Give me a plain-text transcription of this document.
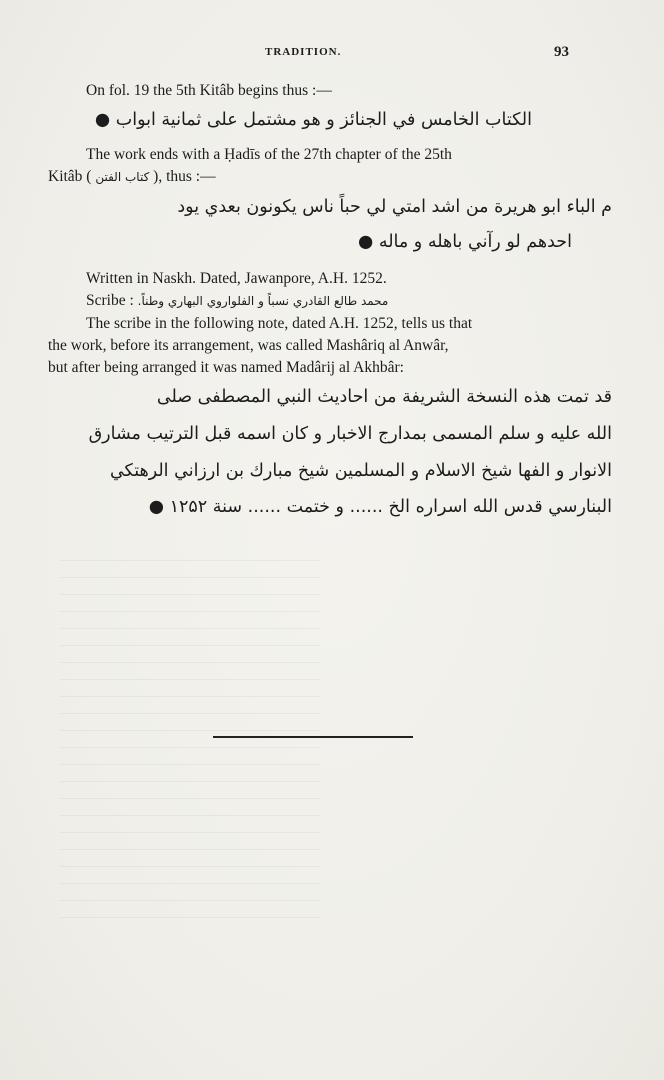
TRADITION.	93
On fol. 19 the 5th Kitâb begins thus :—
الكتاب الخامس في الجنائز و هو مشتمل على ثمانية ابواب ●
The work ends with a Ḥadīs of the 27th chapter of the 25th
Kitâb ( كتاب الفتن ), thus :—
م الباء ابو هريرة من اشد امتي لي حباً ناس يكونون بعدي يود
احدهم لو رآني باهله و ماله ●
Written in Naskh. Dated, Jawanpore, A.H. 1252.
Scribe : محمد طالع القادري نسباً و الفلواروي البهاري وطناً.
The scribe in the following note, dated A.H. 1252, tells us that
the work, before its arrangement, was called Mashâriq al Anwâr,
but after being arranged it was named Madârij al Akhbâr:
قد تمت هذه النسخة الشريفة من احاديث النبي المصطفى صلى
الله عليه و سلم المسمى بمدارج الاخبار و كان اسمه قبل الترتيب مشارق
الانوار و الفها شيخ الاسلام و المسلمين شيخ مبارك بن ارزاني الرهتكي
البنارسي قدس الله اسراره الخ ...... و ختمت ...... سنة ۱۲۵۲ ●
